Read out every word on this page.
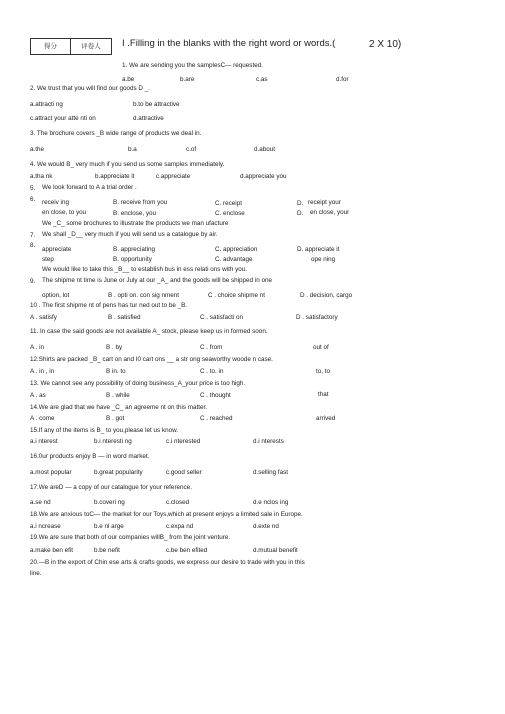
得分	评卷人	I .Filling in the blanks with the right word or words.(	2 X 10)
1. We are sending you the samplesC— requested.
a.be	b.are	c.as	d.for
2. We trust that you will find our goods D _.
a.attracti ng	b.to be attractive
c.attract your atte nti on	d.attractive
3. The brochure covers _B wide range of products we deal in.
a.the	b.a	c.of	d.about
4. We would B_ very much if you send us some samples immediately.
a.tha nk	b.appreciate it	c.appreciate	d.appreciate you
5. We look forward to A a trial order .
6. receiv ing	B. receive from you	C. receipt	D. receipt your
en close, to you	B. enclose, you	C. enclose	D. en close, your
We _C_ some brochures to illustrate the products we man ufacture
7. We shall _D__ very much if you will send us a catalogue by air.
8.
appreciate	B. appreciating	C. appreciation	D. appreciate it
step	B. opportunity	C. advantage	ope ning
We would like to take this _B__ to establish bus in ess relati ons with you.
9. The shipme nt time is June or July at our _A_ and the goods will be shipped in one
option, lot	B . opti on. con sig nment	C . choice shipme nt	D . decision, cargo
10 . The first shipme nt of pens has tur ned out to be _B.
A . satisfy	B . satisfied	C . satisfacti on	D . satisfactory
11. In case the said goods are not available A_ stock, please keep us in formed soon.
A . in	B . by	C . from	out of
12.Shirts are packed _B_ cart on and I0 cart ons __ a str ong seaworthy woode n case.
A . in , in	B in. to	C . to. in	to, to
13. We cannot see any possibility of doing business_A_your price is too high.
A . as	B . while	C . thought	that
14.We are glad that we have _C_ an agreeme nt on this matter.
A . come	B . got	C . reached	arrived
15.If any of the items is B_ to you,please let us know.
a.i nterest	b.i nteresti ng	c.i nterested	d.i nterests
16.0ur products enjoy B — in word market.
a.most popular	b.great popularity	c.good seller	d.selling fast
17.We areD — a copy of our catalogue for your reference.
a.se nd	b.coveri ng	c.closed	d.e nclos ing
18.We are anxious toC— the market for our Toys,which at present enjoys a limited sale in Europe.
a.i ncrease	b.e nl arge	c.expa nd	d.exte nd
19.We are sure that both of our companies willB_ from the joint venture.
a.make ben efit	b.be nefit	c.be ben efited	d.mutual benefit
20.—B in the export of Chin ese arts & crafts goods, we express our desire to trade with you in this
line.
